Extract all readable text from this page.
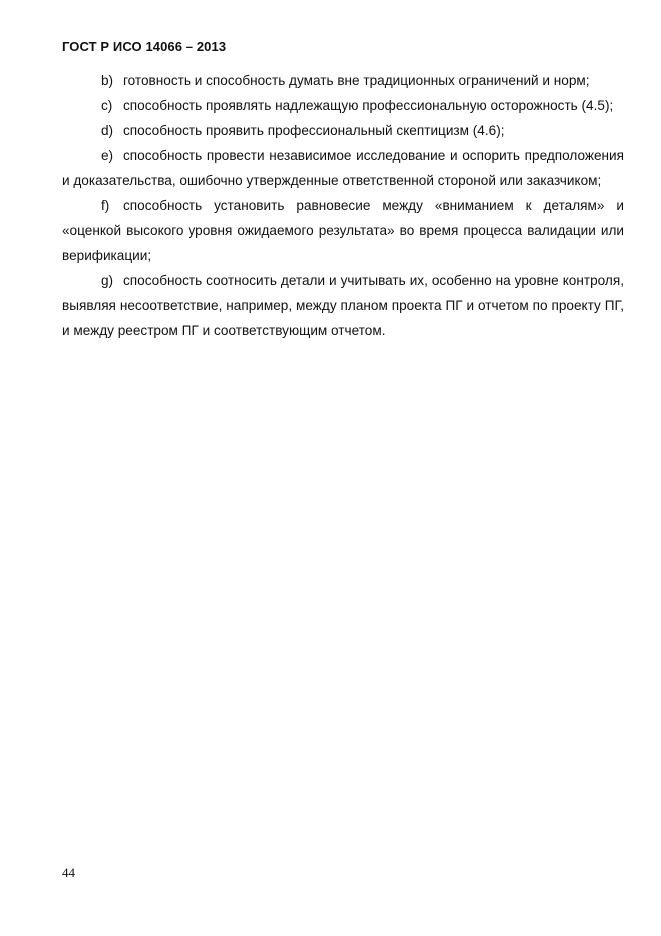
ГОСТ Р ИСО 14066 – 2013

b) готовность и способность думать вне традиционных ограничений и норм;

c) способность проявлять надлежащую профессиональную осторожность (4.5);

d) способность проявить профессиональный скептицизм (4.6);

e) способность провести независимое исследование и оспорить предположения и доказательства, ошибочно утвержденные ответственной стороной или заказчиком;

f) способность установить равновесие между «вниманием к деталям» и «оценкой высокого уровня ожидаемого результата» во время процесса валидации или верификации;

g) способность соотносить детали и учитывать их, особенно на уровне контроля, выявляя несоответствие, например, между планом проекта ПГ и отчетом по проекту ПГ, и между реестром ПГ и соответствующим отчетом.

44
